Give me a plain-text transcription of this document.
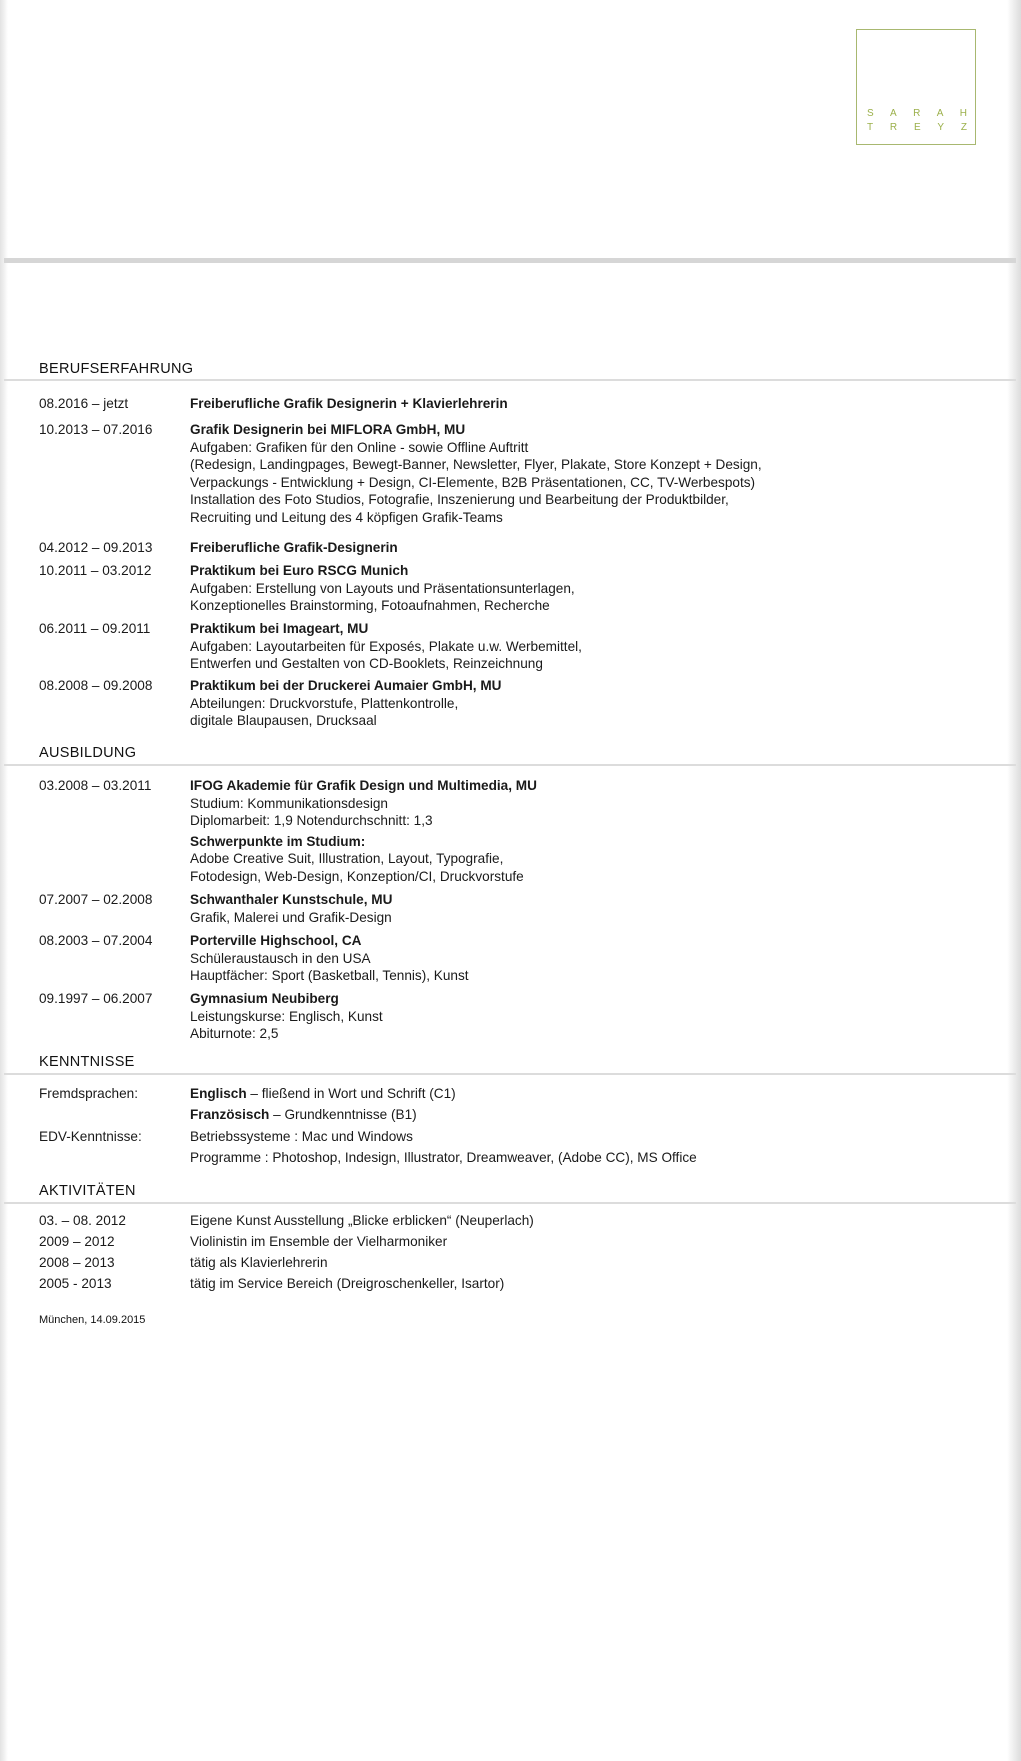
S A R A H
T R E Y Z
BERUFSERFAHRUNG
08.2016 – jetzt	Freiberufliche Grafik Designerin + Klavierlehrerin
10.2013 – 07.2016	Grafik Designerin bei MIFLORA GmbH, MU
Aufgaben: Grafiken für den Online - sowie Offline Auftritt
(Redesign, Landingpages, Bewegt-Banner, Newsletter, Flyer, Plakate, Store Konzept + Design,
Verpackungs - Entwicklung + Design, CI-Elemente, B2B Präsentationen, CC, TV-Werbespots)
Installation des Foto Studios, Fotografie, Inszenierung und Bearbeitung der Produktbilder,
Recruiting und Leitung des 4 köpfigen Grafik-Teams
04.2012 – 09.2013	Freiberufliche Grafik-Designerin
10.2011 – 03.2012	Praktikum bei Euro RSCG Munich
Aufgaben: Erstellung von Layouts und Präsentationsunterlagen,
Konzeptionelles Brainstorming, Fotoaufnahmen, Recherche
06.2011 – 09.2011	Praktikum bei Imageart, MU
Aufgaben: Layoutarbeiten für Exposés, Plakate u.w. Werbemittel,
Entwerfen und Gestalten von CD-Booklets, Reinzeichnung
08.2008 – 09.2008	Praktikum bei der Druckerei Aumaier GmbH, MU
Abteilungen: Druckvorstufe, Plattenkontrolle,
digitale Blaupausen, Drucksaal
AUSBILDUNG
03.2008 – 03.2011	IFOG Akademie für Grafik Design und Multimedia, MU
Studium: Kommunikationsdesign
Diplomarbeit: 1,9 Notendurchschnitt: 1,3
Schwerpunkte im Studium:
Adobe Creative Suit, Illustration, Layout, Typografie,
Fotodesign, Web-Design, Konzeption/CI, Druckvorstufe
07.2007 – 02.2008	Schwanthaler Kunstschule, MU
Grafik, Malerei und Grafik-Design
08.2003 – 07.2004	Porterville Highschool, CA
Schüleraustausch in den USA
Hauptfächer: Sport (Basketball, Tennis), Kunst
09.1997 – 06.2007	Gymnasium Neubiberg
Leistungskurse: Englisch, Kunst
Abiturnote: 2,5
KENNTNISSE
Fremdsprachen:	Englisch – fließend in Wort und Schrift (C1)
Französisch – Grundkenntnisse (B1)
EDV-Kenntnisse:	Betriebssysteme : Mac und Windows
Programme : Photoshop, Indesign, Illustrator, Dreamweaver, (Adobe CC), MS Office
AKTIVITÄTEN
03. – 08. 2012	Eigene Kunst Ausstellung „Blicke erblicken“ (Neuperlach)
2009 – 2012	Violinistin im Ensemble der Vielharmoniker
2008 – 2013	tätig als Klavierlehrerin
2005 - 2013	tätig im Service Bereich (Dreigroschenkeller, Isartor)
München, 14.09.2015
